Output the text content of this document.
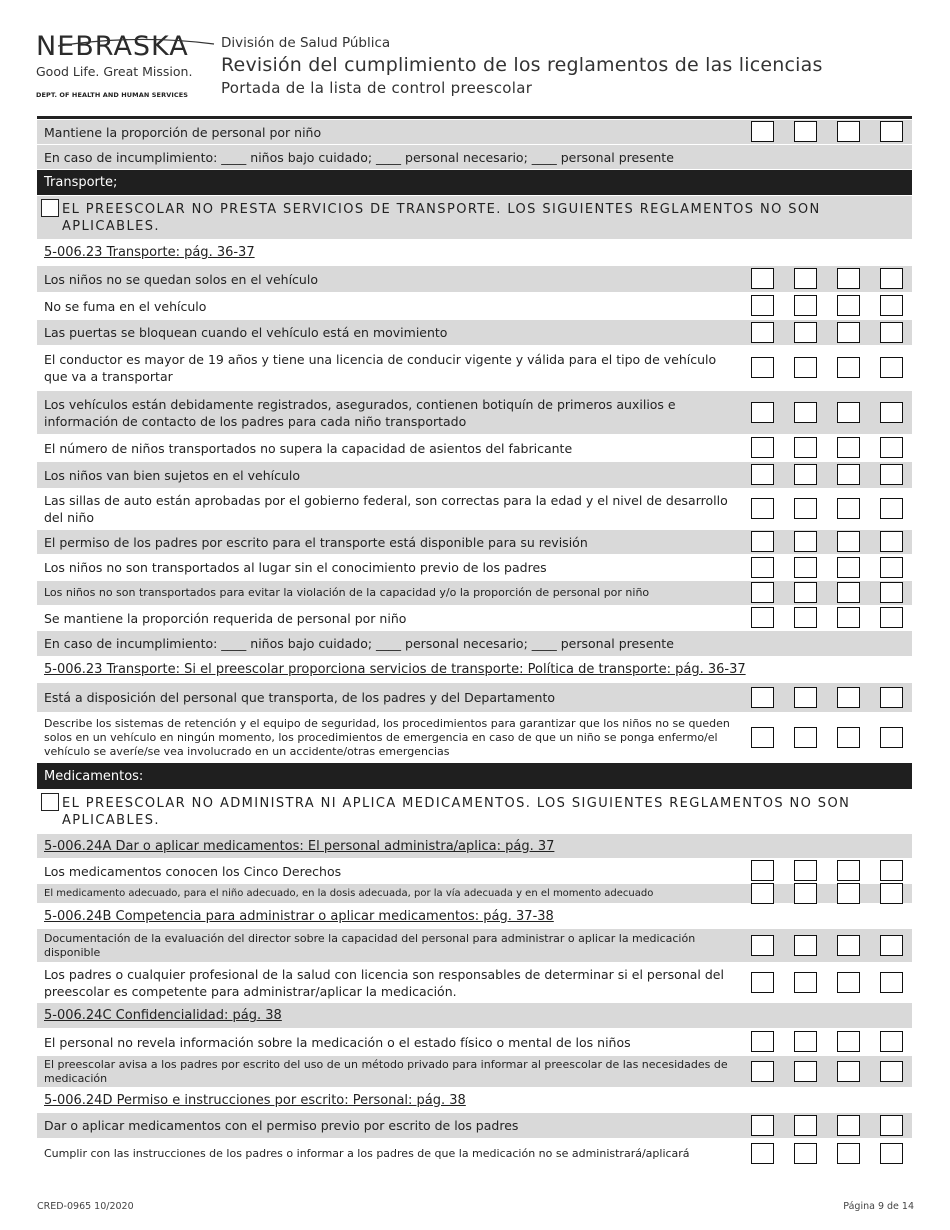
NEBRASKA
Good Life. Great Mission.
DEPT. OF HEALTH AND HUMAN SERVICES
División de Salud Pública
Revisión del cumplimiento de los reglamentos de las licencias
Portada de la lista de control preescolar
Mantiene la proporción de personal por niño
En caso de incumplimiento: ____ niños bajo cuidado; ____ personal necesario; ____ personal presente
Transporte;
EL PREESCOLAR NO PRESTA SERVICIOS DE TRANSPORTE. LOS SIGUIENTES REGLAMENTOS NO SON APLICABLES.
5-006.23 Transporte: pág. 36-37
Los niños no se quedan solos en el vehículo
No se fuma en el vehículo
Las puertas se bloquean cuando el vehículo está en movimiento
El conductor es mayor de 19 años y tiene una licencia de conducir vigente y válida para el tipo de vehículo que va a transportar
Los vehículos están debidamente registrados, asegurados, contienen botiquín de primeros auxilios e información de contacto de los padres para cada niño transportado
El número de niños transportados no supera la capacidad de asientos del fabricante
Los niños van bien sujetos en el vehículo
Las sillas de auto están aprobadas por el gobierno federal, son correctas para la edad y el nivel de desarrollo del niño
El permiso de los padres por escrito para el transporte está disponible para su revisión
Los niños no son transportados al lugar sin el conocimiento previo de los padres
Los niños no son transportados para evitar la violación de la capacidad y/o la proporción de personal por niño
Se mantiene la proporción requerida de personal por niño
En caso de incumplimiento: ____ niños bajo cuidado; ____ personal necesario; ____ personal presente
5-006.23 Transporte: Si el preescolar proporciona servicios de transporte: Política de transporte: pág. 36-37
Está a disposición del personal que transporta, de los padres y del Departamento
Describe los sistemas de retención y el equipo de seguridad, los procedimientos para garantizar que los niños no se queden solos en un vehículo en ningún momento, los procedimientos de emergencia en caso de que un niño se ponga enfermo/el vehículo se averíe/se vea involucrado en un accidente/otras emergencias
Medicamentos:
EL PREESCOLAR NO ADMINISTRA NI APLICA MEDICAMENTOS. LOS SIGUIENTES REGLAMENTOS NO SON APLICABLES.
5-006.24A Dar o aplicar medicamentos: El personal administra/aplica: pág. 37
Los medicamentos conocen los Cinco Derechos
El medicamento adecuado, para el niño adecuado, en la dosis adecuada, por la vía adecuada y en el momento adecuado
5-006.24B Competencia para administrar o aplicar medicamentos: pág. 37-38
Documentación de la evaluación del director sobre la capacidad del personal para administrar o aplicar la medicación disponible
Los padres o cualquier profesional de la salud con licencia son responsables de determinar si el personal del preescolar es competente para administrar/aplicar la medicación.
5-006.24C Confidencialidad: pág. 38
El personal no revela información sobre la medicación o el estado físico o mental de los niños
El preescolar avisa a los padres por escrito del uso de un método privado para informar al preescolar de las necesidades de medicación
5-006.24D Permiso e instrucciones por escrito: Personal: pág. 38
Dar o aplicar medicamentos con el permiso previo por escrito de los padres
Cumplir con las instrucciones de los padres o informar a los padres de que la medicación no se administrará/aplicará
CRED-0965 10/2020	Página 9 de 14
